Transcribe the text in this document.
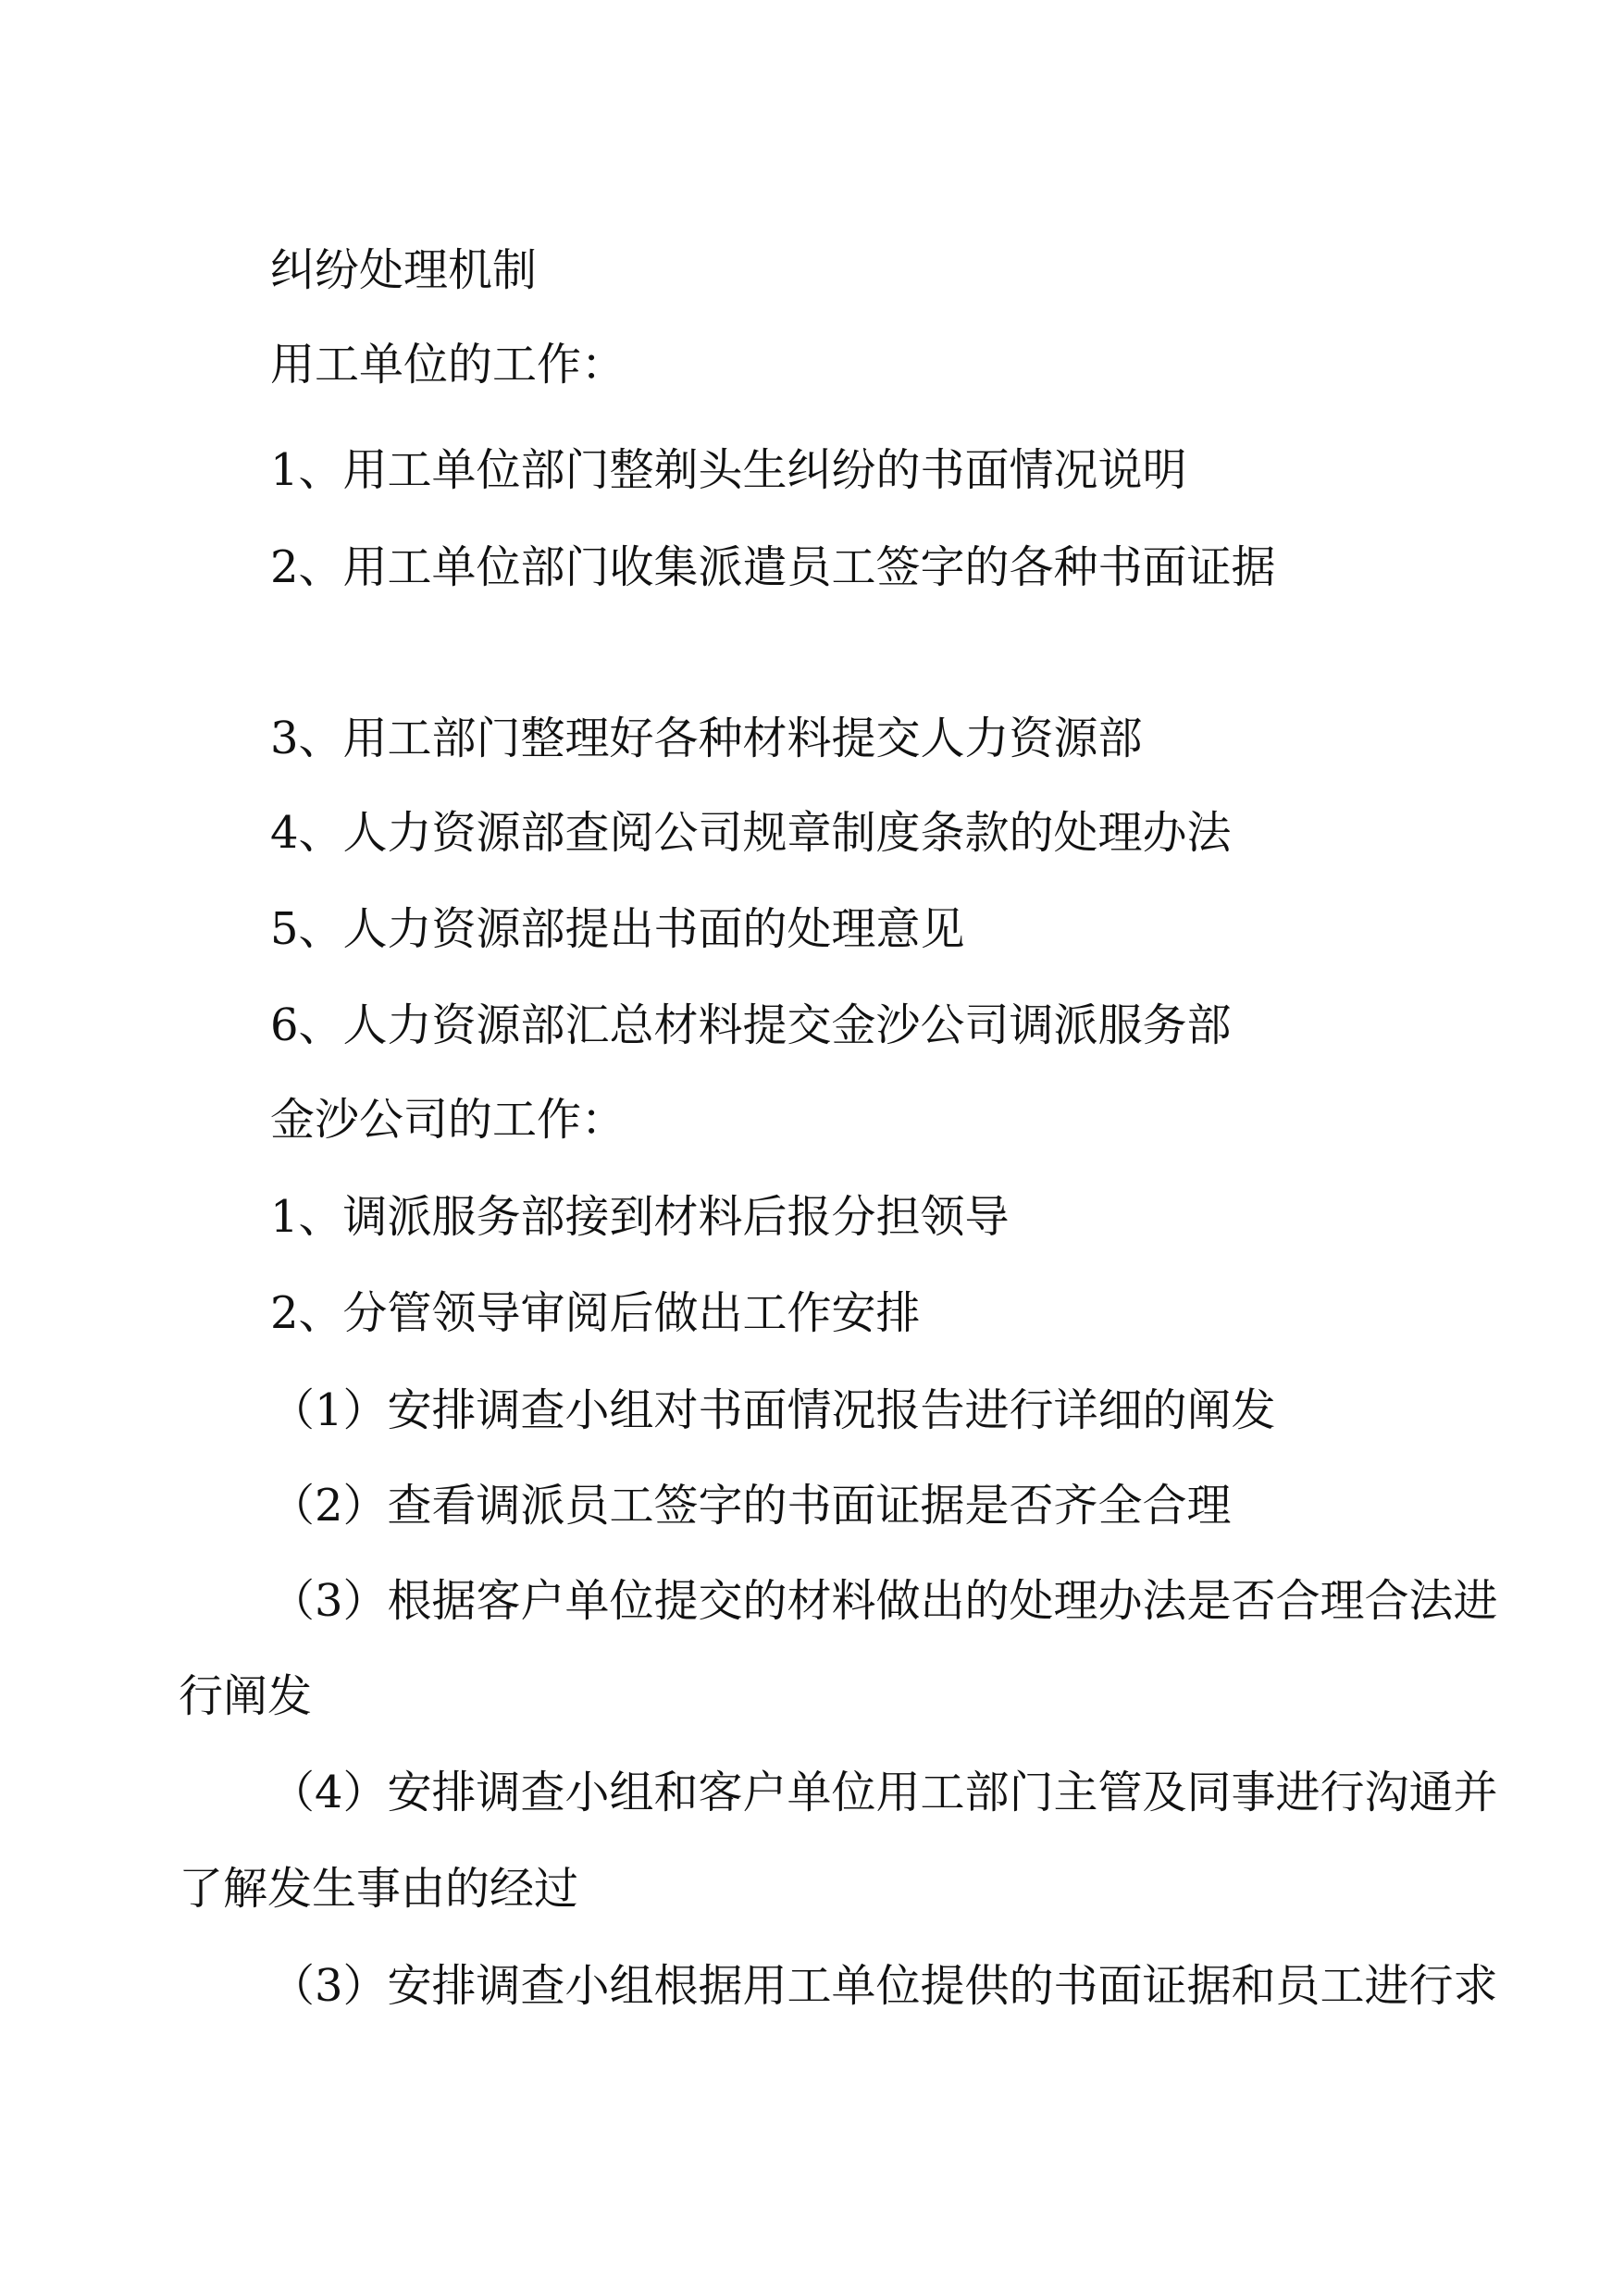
纠纷处理机制

用工单位的工作：

1、用工单位部门整剃头生纠纷的书面情况说明

2、用工单位部门收集派遣员工签字的各种书面证据

3、用工部门整理好各种材料提交人力资源部

4、人力资源部查阅公司规章制度条款的处理办法

5、人力资源部提出书面的处理意见

6、人力资源部汇总材料提交金沙公司调派服务部

金沙公司的工作：

1、调派服务部接到材料后报分担领导

2、分管领导审阅后做出工作安排

（1）安排调查小组对书面情况报告进行详细的阐发

（2）查看调派员工签字的书面证据是否齐全合理

（3）根据客户单位提交的材料做出的处理办法是否合理合法进

行阐发

（4）安排调查小组和客户单位用工部门主管及同事进行沟通并

了解发生事由的经过

（3）安排调查小组根据用工单位提供的书面证据和员工进行求
